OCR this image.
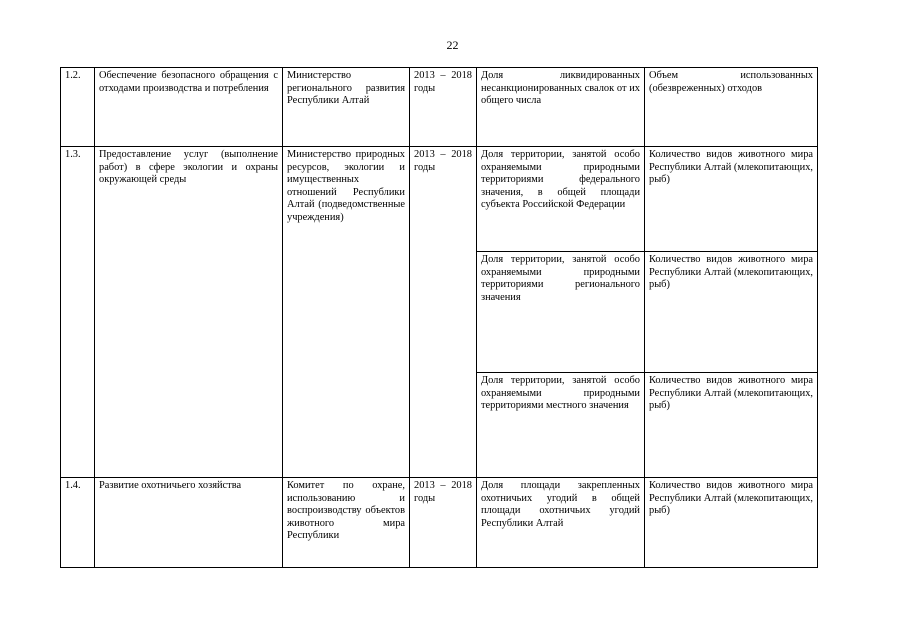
22
1.2.	Обеспечение безопасного обращения с отходами производства и потребления	Министерство регионального развития Республики Алтай	2013 – 2018 годы	Доля ликвидированных несанкционированных свалок от их общего числа	Объем использованных (обезвреженных) отходов
1.3.	Предоставление услуг (выполнение работ) в сфере экологии и охраны окружающей среды	Министерство природных ресурсов, экологии и имущественных отношений Республики Алтай (подведомственные учреждения)	2013 – 2018 годы	Доля территории, занятой особо охраняемыми природными территориями федерального значения, в общей площади субъекта Российской Федерации	Количество видов животного мира Республики Алтай (млекопитающих, рыб)
				Доля территории, занятой особо охраняемыми природными территориями регионального значения	Количество видов животного мира Республики Алтай (млекопитающих, рыб)
				Доля территории, занятой особо охраняемыми природными территориями местного значения	Количество видов животного мира Республики Алтай (млекопитающих, рыб)
1.4.	Развитие охотничьего хозяйства	Комитет по охране, использованию и воспроизводству объектов животного мира Республики	2013 – 2018 годы	Доля площади закрепленных охотничьих угодий в общей площади охотничьих угодий Республики Алтай	Количество видов животного мира Республики Алтай (млекопитающих, рыб)
